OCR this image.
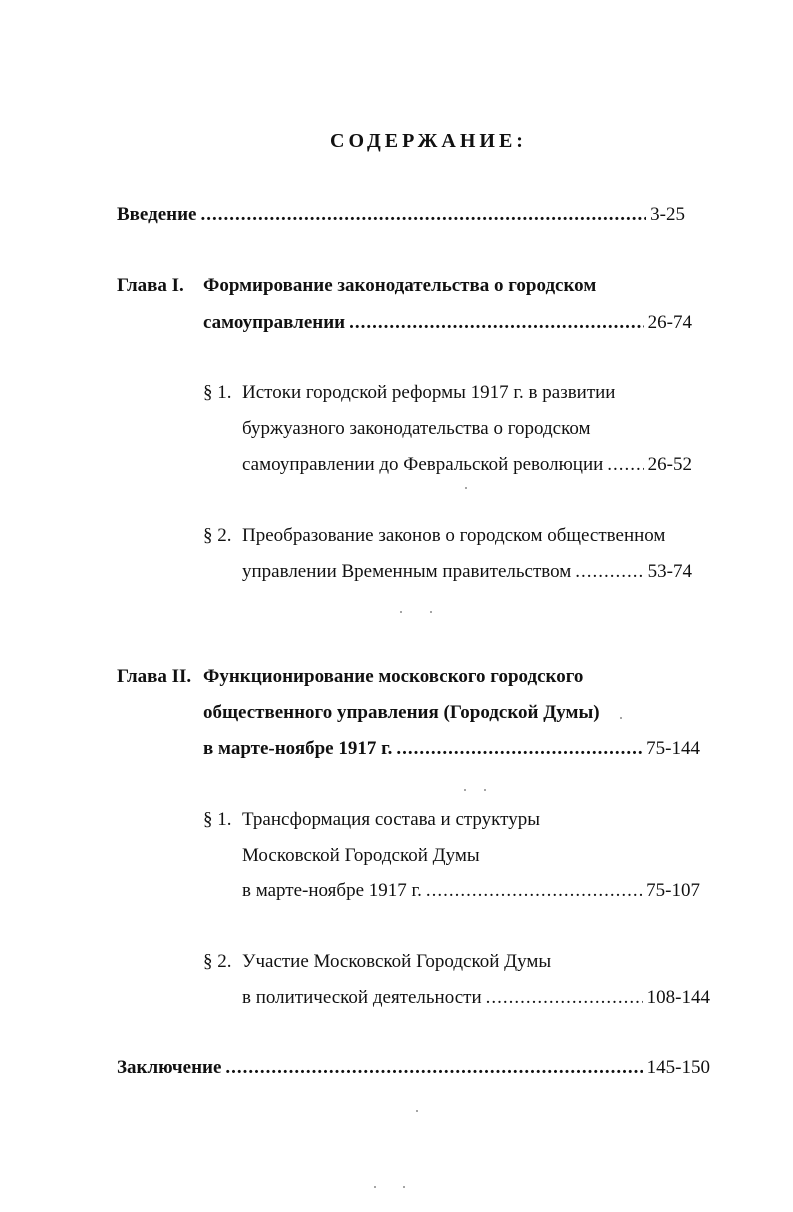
СОДЕРЖАНИЕ:
Введение .....	3-25
Глава I. Формирование законодательства о городском
самоуправлении .....	26-74
§ 1. Истоки городской реформы 1917 г. в развитии
буржуазного законодательства о городском
самоуправлении до Февральской революции ..... 26-52
§ 2. Преобразование законов о городском общественном
управлении Временным правительством .....	53-74
Глава II. Функционирование московского городского
общественного управления (Городской Думы)
в марте-ноябре 1917 г. .....	75-144
§ 1. Трансформация состава и структуры
Московской Городской Думы
в марте-ноябре 1917 г. .....	75-107
§ 2. Участие Московской Городской Думы
в политической деятельности .....	108-144
Заключение .....	145-150
